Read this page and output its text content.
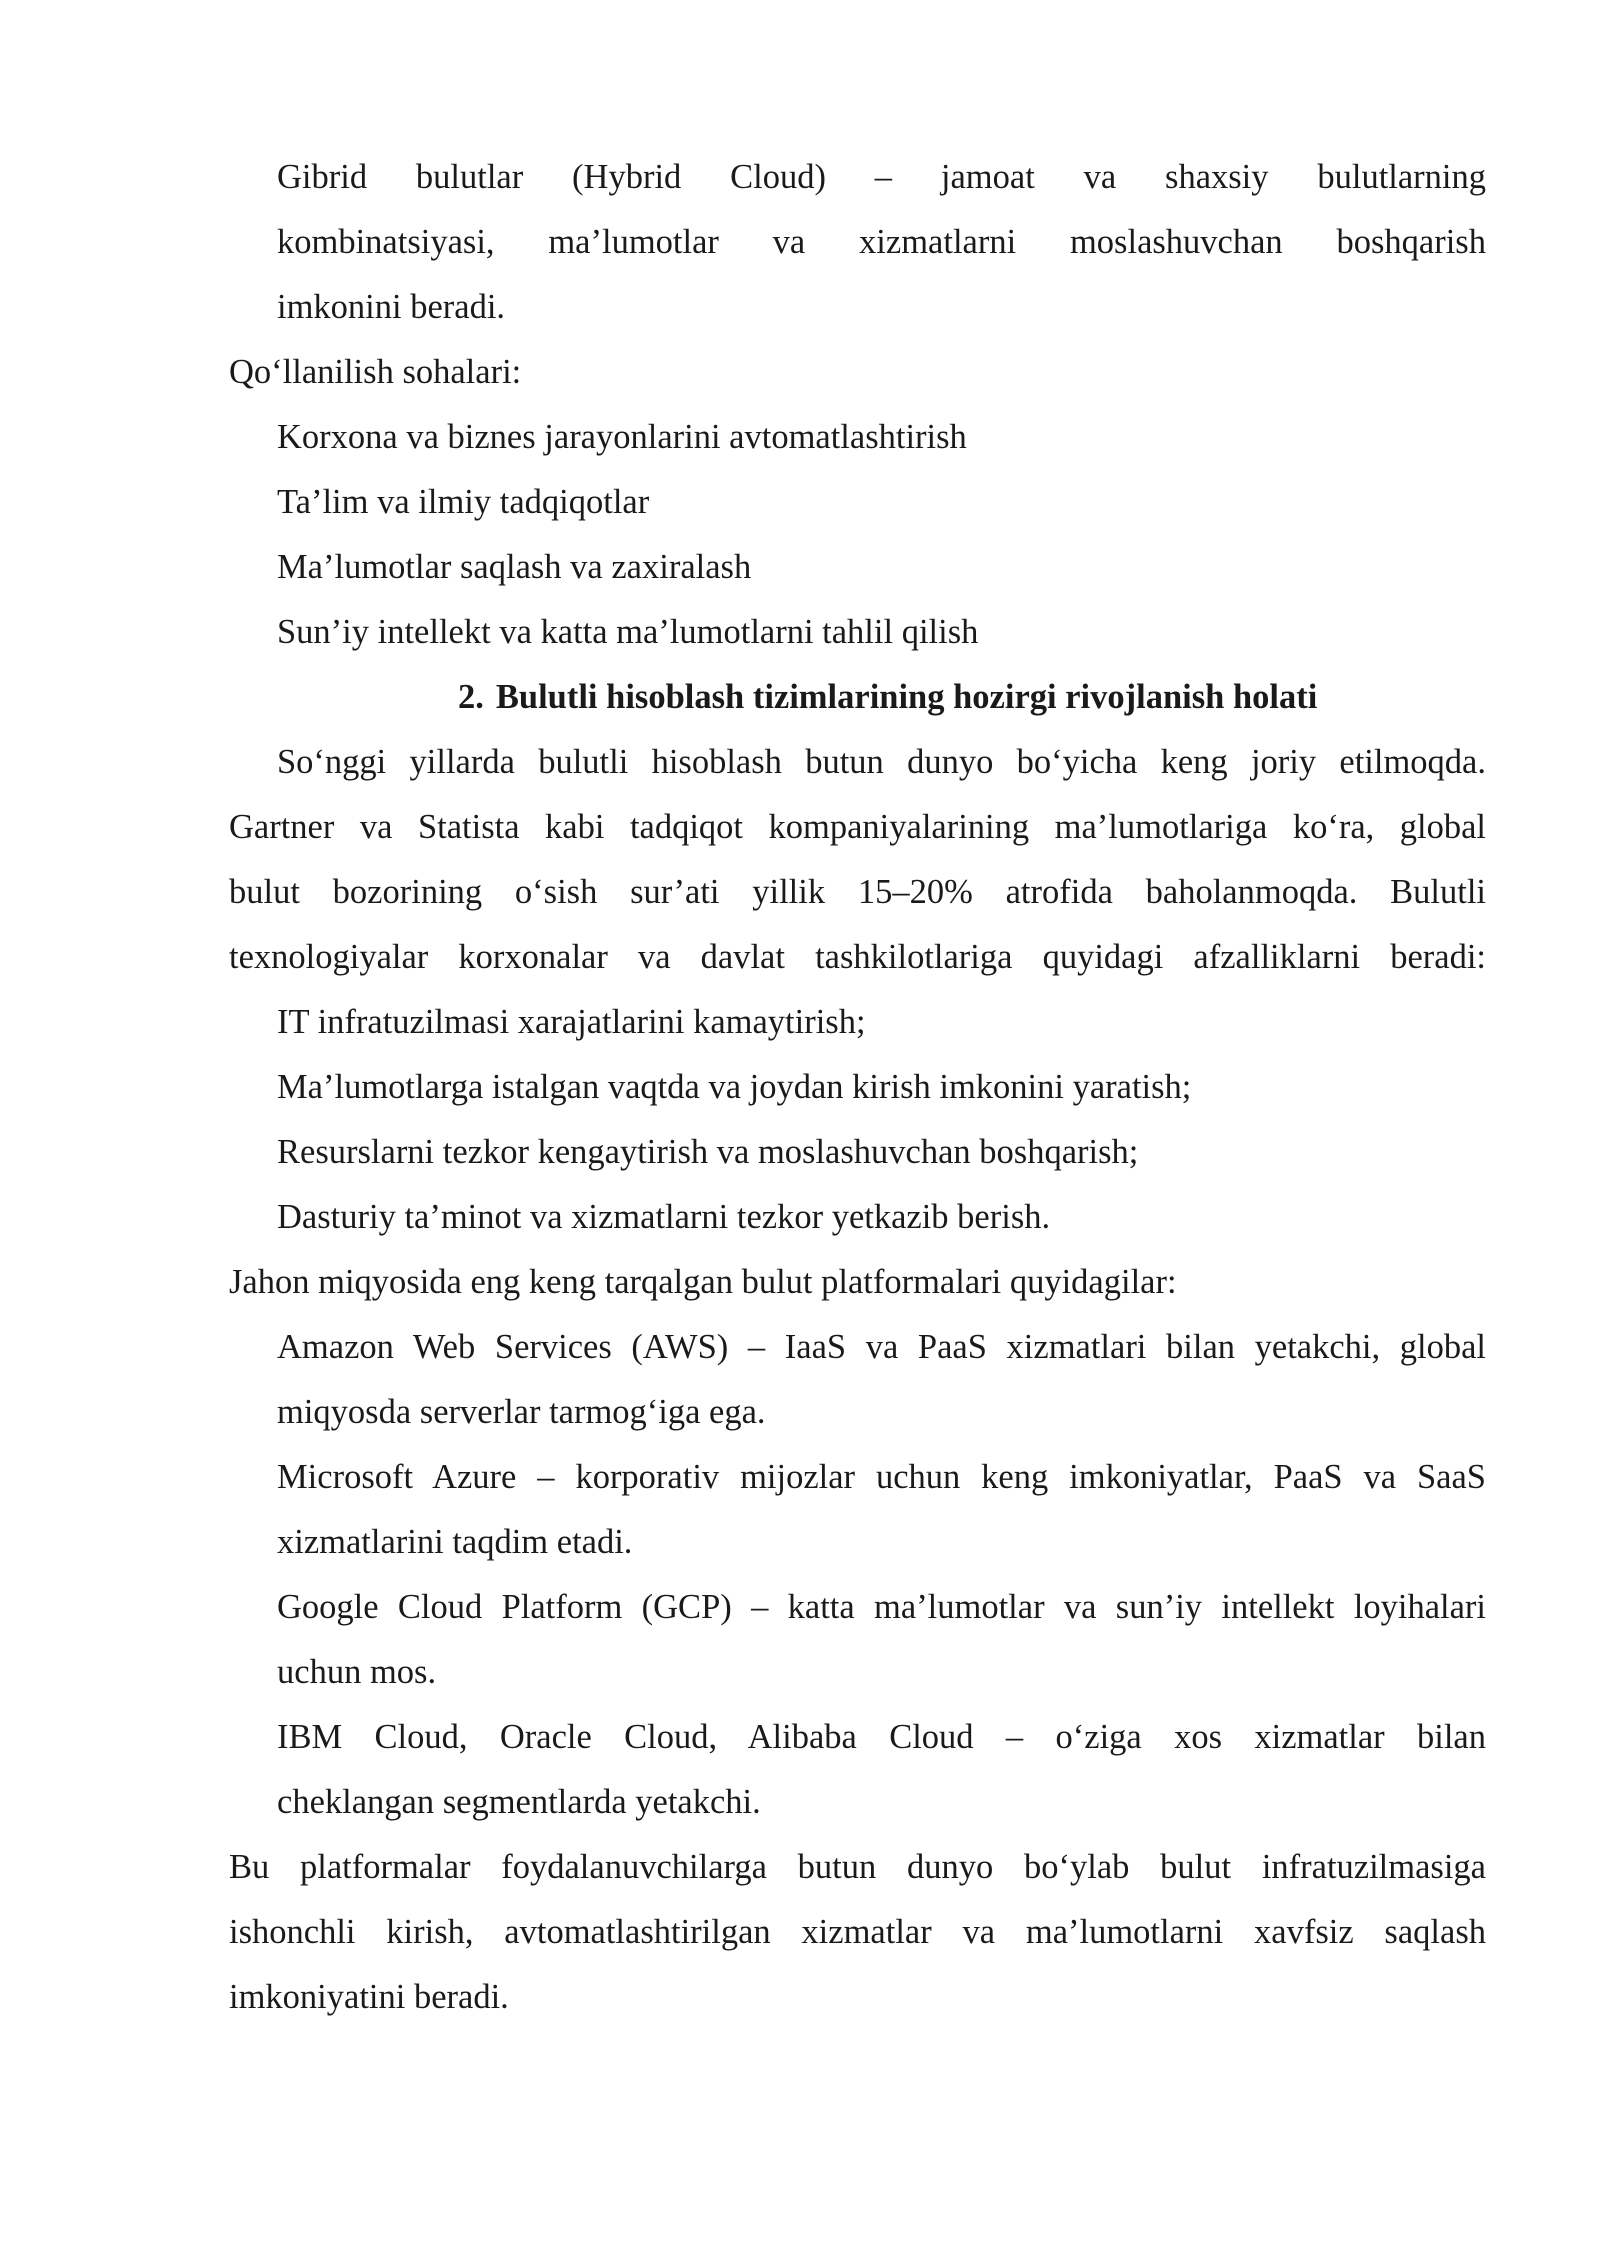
Gibrid bulutlar (Hybrid Cloud) – jamoat va shaxsiy bulutlarning
kombinatsiyasi, ma’lumotlar va xizmatlarni moslashuvchan boshqarish
imkonini beradi.
Qo‘llanilish sohalari:
Korxona va biznes jarayonlarini avtomatlashtirish
Ta’lim va ilmiy tadqiqotlar
Ma’lumotlar saqlash va zaxiralash
Sun’iy intellekt va katta ma’lumotlarni tahlil qilish
2. Bulutli hisoblash tizimlarining hozirgi rivojlanish holati
So‘nggi yillarda bulutli hisoblash butun dunyo bo‘yicha keng joriy etilmoqda.
Gartner va Statista kabi tadqiqot kompaniyalarining ma’lumotlariga ko‘ra, global
bulut bozorining o‘sish sur’ati yillik 15–20% atrofida baholanmoqda. Bulutli
texnologiyalar korxonalar va davlat tashkilotlariga quyidagi afzalliklarni beradi:
IT infratuzilmasi xarajatlarini kamaytirish;
Ma’lumotlarga istalgan vaqtda va joydan kirish imkonini yaratish;
Resurslarni tezkor kengaytirish va moslashuvchan boshqarish;
Dasturiy ta’minot va xizmatlarni tezkor yetkazib berish.
Jahon miqyosida eng keng tarqalgan bulut platformalari quyidagilar:
Amazon Web Services (AWS) – IaaS va PaaS xizmatlari bilan yetakchi, global
miqyosda serverlar tarmog‘iga ega.
Microsoft Azure – korporativ mijozlar uchun keng imkoniyatlar, PaaS va SaaS
xizmatlarini taqdim etadi.
Google Cloud Platform (GCP) – katta ma’lumotlar va sun’iy intellekt loyihalari
uchun mos.
IBM Cloud, Oracle Cloud, Alibaba Cloud – o‘ziga xos xizmatlar bilan
cheklangan segmentlarda yetakchi.
Bu platformalar foydalanuvchilarga butun dunyo bo‘ylab bulut infratuzilmasiga
ishonchli kirish, avtomatlashtirilgan xizmatlar va ma’lumotlarni xavfsiz saqlash
imkoniyatini beradi.
